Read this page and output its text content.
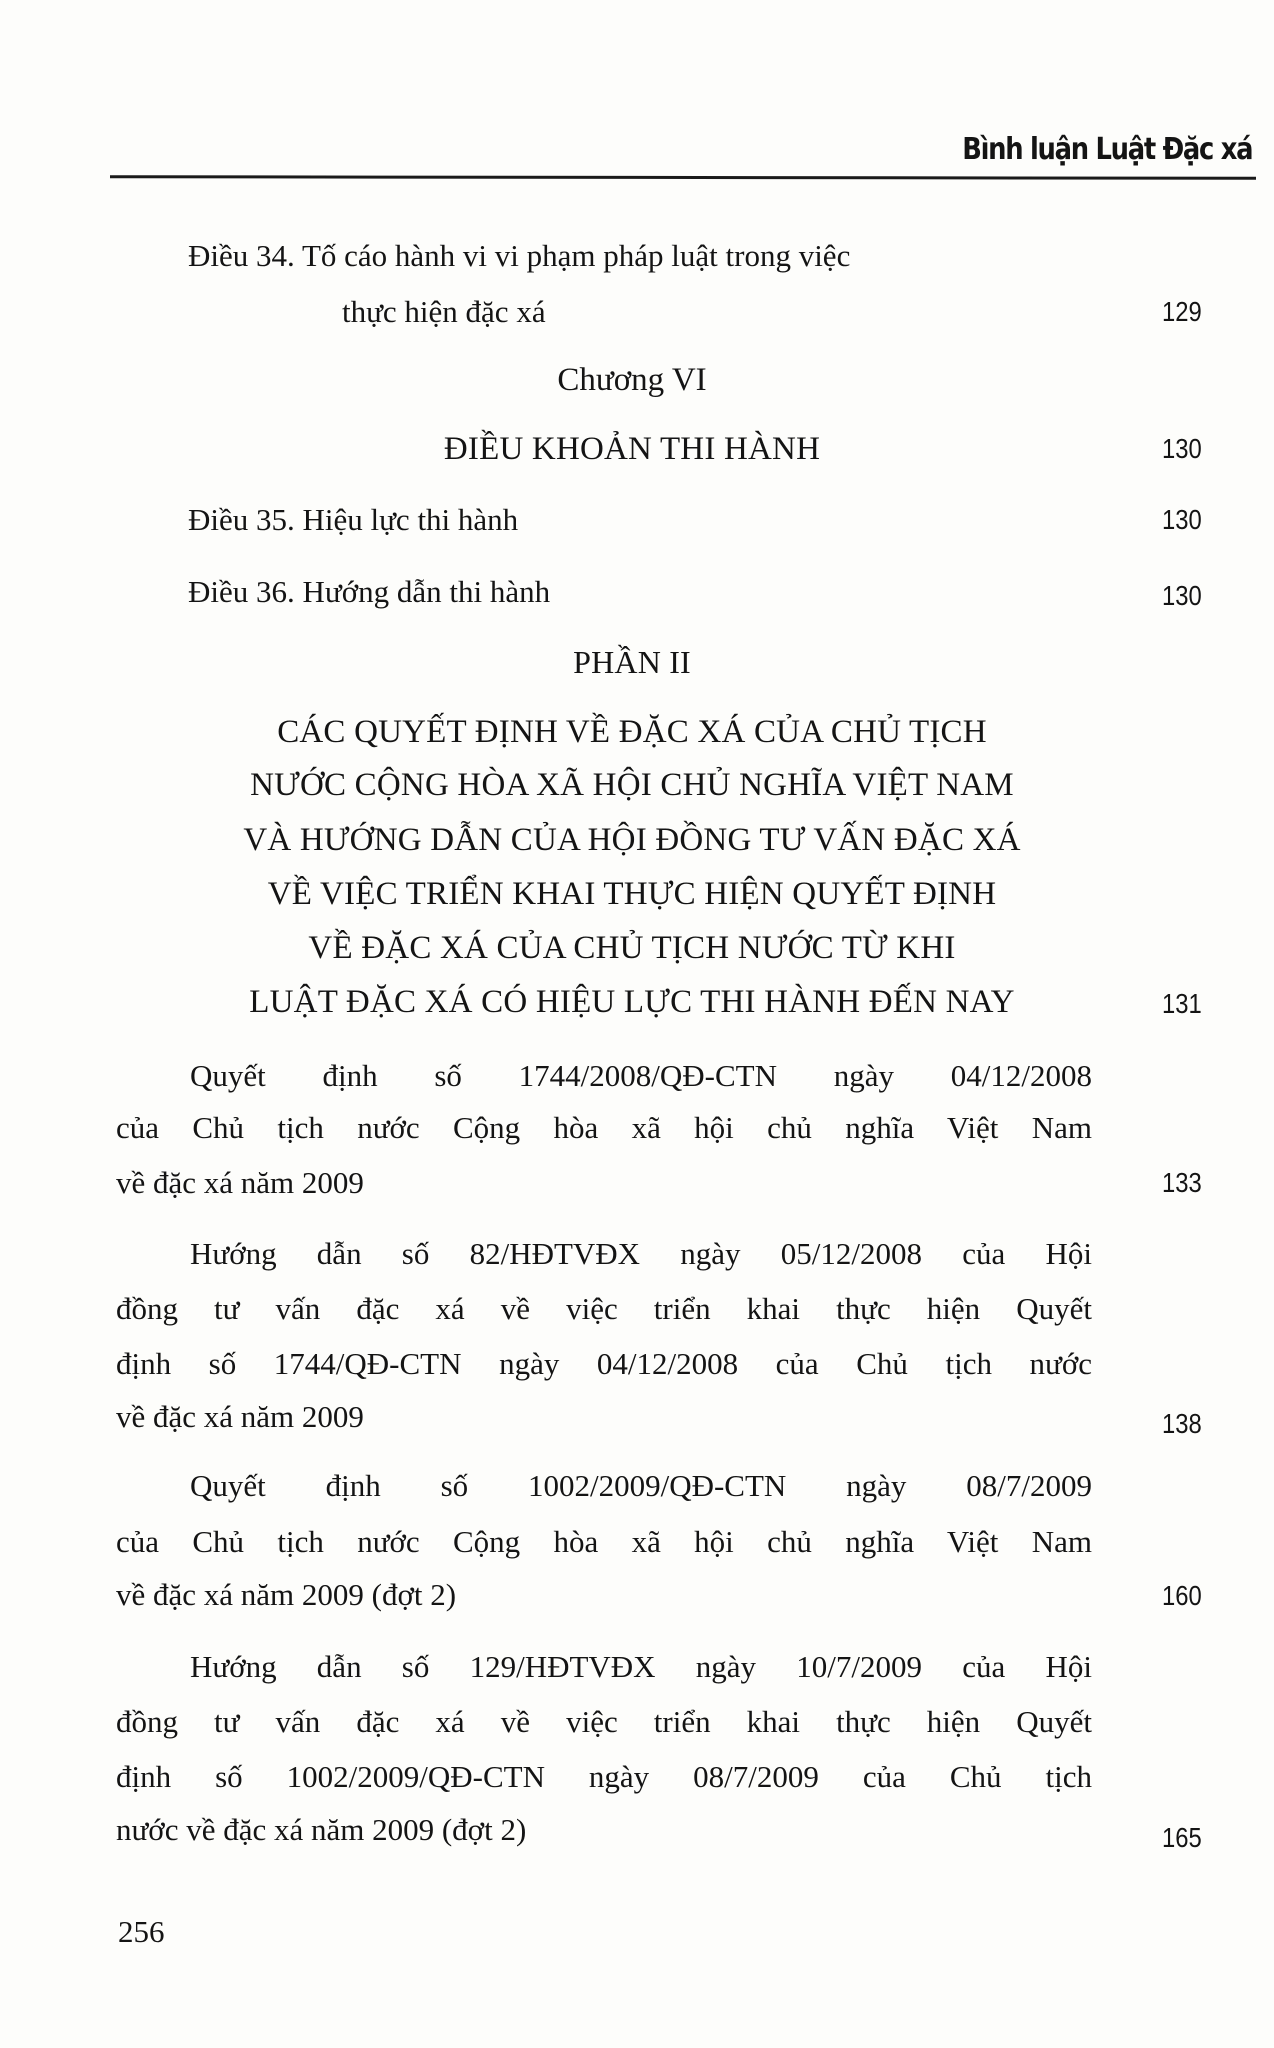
Bình luận Luật Đặc xá
Điều 34. Tố cáo hành vi vi phạm pháp luật trong việc
thực hiện đặc xá	129
Chương VI
ĐIỀU KHOẢN THI HÀNH	130
Điều 35. Hiệu lực thi hành	130
Điều 36. Hướng dẫn thi hành	130
PHẦN II
CÁC QUYẾT ĐỊNH VỀ ĐẶC XÁ CỦA CHỦ TỊCH
NƯỚC CỘNG HÒA XÃ HỘI CHỦ NGHĨA VIỆT NAM
VÀ HƯỚNG DẪN CỦA HỘI ĐỒNG TƯ VẤN ĐẶC XÁ
VỀ VIỆC TRIỂN KHAI THỰC HIỆN QUYẾT ĐỊNH
VỀ ĐẶC XÁ CỦA CHỦ TỊCH NƯỚC TỪ KHI
LUẬT ĐẶC XÁ CÓ HIỆU LỰC THI HÀNH ĐẾN NAY	131
Quyết định số 1744/2008/QĐ-CTN ngày 04/12/2008
của Chủ tịch nước Cộng hòa xã hội chủ nghĩa Việt Nam
về đặc xá năm 2009	133
Hướng dẫn số 82/HĐTVĐX ngày 05/12/2008 của Hội
đồng tư vấn đặc xá về việc triển khai thực hiện Quyết
định số 1744/QĐ-CTN ngày 04/12/2008 của Chủ tịch nước
về đặc xá năm 2009	138
Quyết định số 1002/2009/QĐ-CTN ngày 08/7/2009
của Chủ tịch nước Cộng hòa xã hội chủ nghĩa Việt Nam
về đặc xá năm 2009 (đợt 2)	160
Hướng dẫn số 129/HĐTVĐX ngày 10/7/2009 của Hội
đồng tư vấn đặc xá về việc triển khai thực hiện Quyết
định số 1002/2009/QĐ-CTN ngày 08/7/2009 của Chủ tịch
nước về đặc xá năm 2009 (đợt 2)	165
256
